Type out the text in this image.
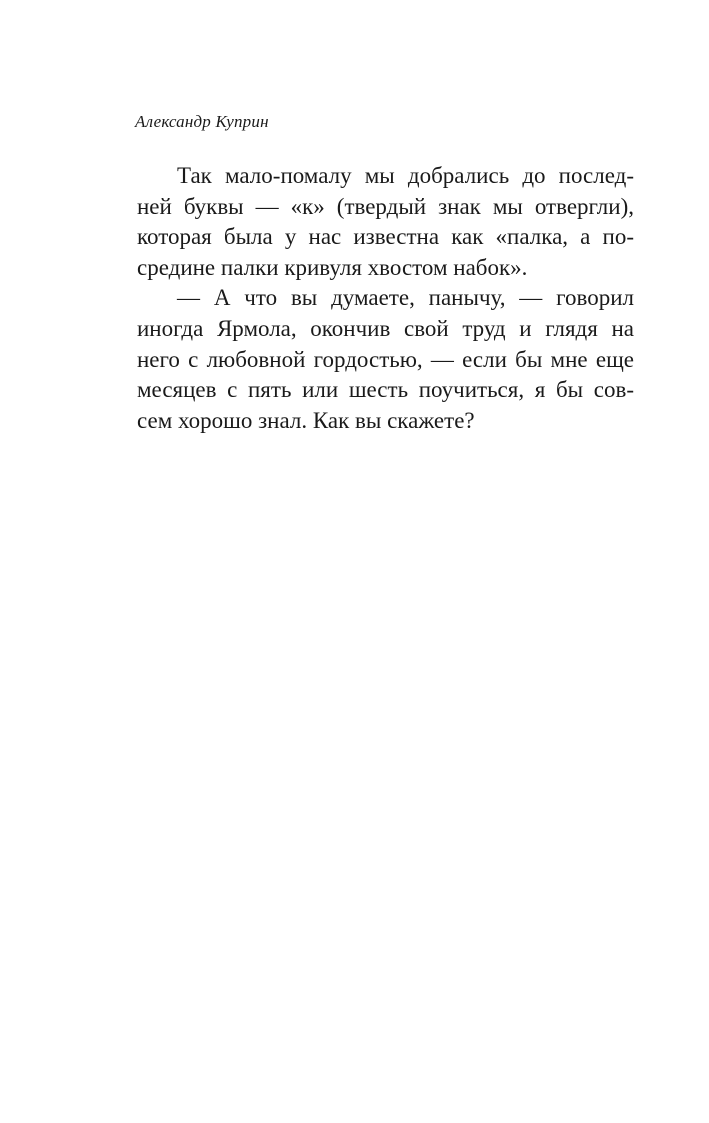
Александр Куприн
Так мало-помалу мы добрались до послед-
ней буквы — «к» (твердый знак мы отвергли),
которая была у нас известна как «палка, а по-
средине палки кривуля хвостом набок».
— А что вы думаете, панычу, — говорил
иногда Ярмола, окончив свой труд и глядя на
него с любовной гордостью, — если бы мне еще
месяцев с пять или шесть поучиться, я бы сов-
сем хорошо знал. Как вы скажете?
